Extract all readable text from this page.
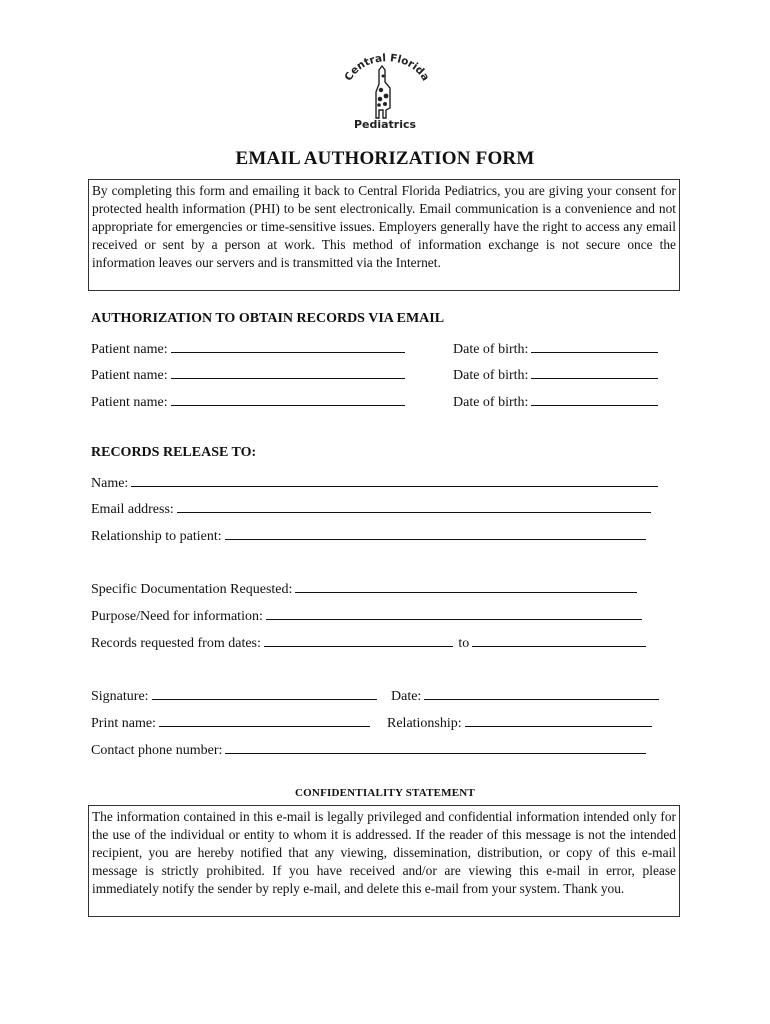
Central Florida
Pediatrics
EMAIL AUTHORIZATION FORM
By completing this form and emailing it back to Central Florida Pediatrics, you are giving your consent for protected health information (PHI) to be sent electronically. Email communication is a convenience and not appropriate for emergencies or time-sensitive issues. Employers generally have the right to access any email received or sent by a person at work. This method of information exchange is not secure once the information leaves our servers and is transmitted via the Internet.
AUTHORIZATION TO OBTAIN RECORDS VIA EMAIL
Patient name:	Date of birth:
Patient name:	Date of birth:
Patient name:	Date of birth:
RECORDS RELEASE TO:
Name:
Email address:
Relationship to patient:
Specific Documentation Requested:
Purpose/Need for information:
Records requested from dates:	to
Signature:	Date:
Print name:	Relationship:
Contact phone number:
CONFIDENTIALITY STATEMENT
The information contained in this e-mail is legally privileged and confidential information intended only for the use of the individual or entity to whom it is addressed. If the reader of this message is not the intended recipient, you are hereby notified that any viewing, dissemination, distribution, or copy of this e-mail message is strictly prohibited. If you have received and/or are viewing this e-mail in error, please immediately notify the sender by reply e-mail, and delete this e-mail from your system. Thank you.
